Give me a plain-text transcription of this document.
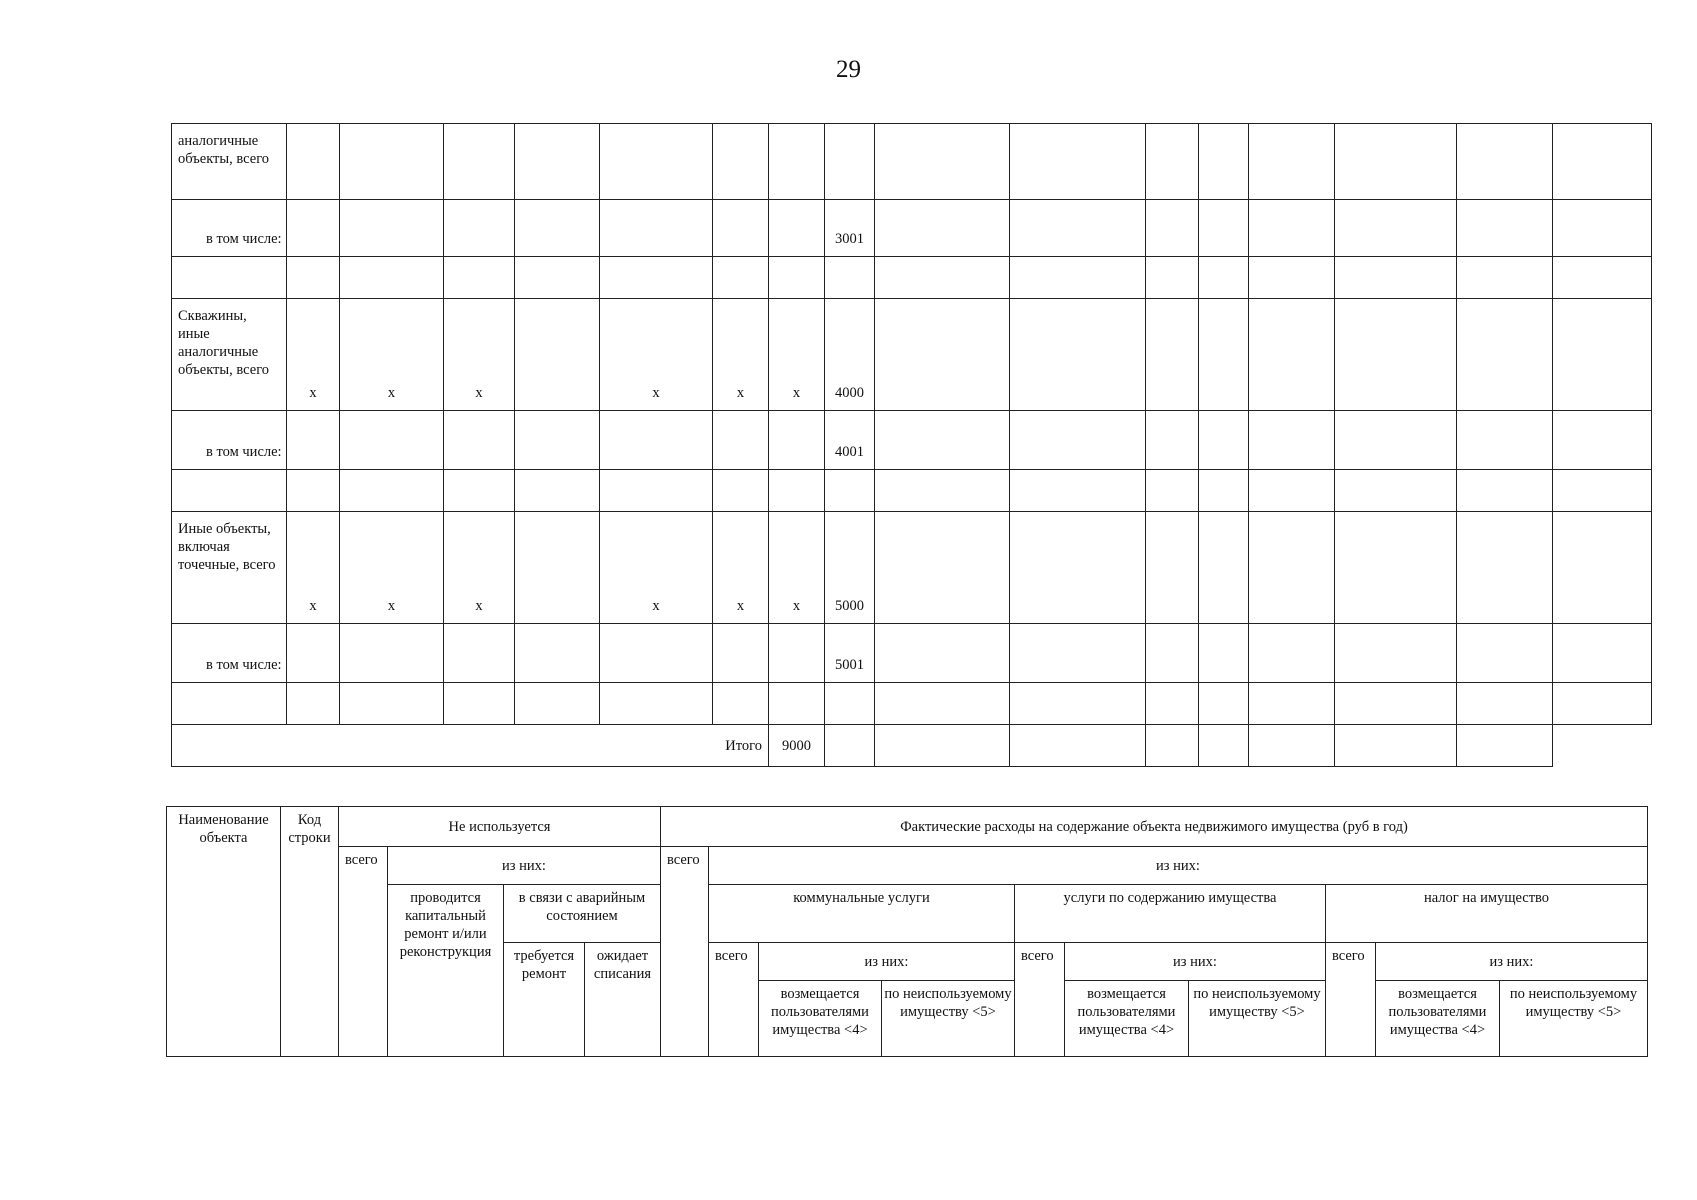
29
аналогичные объекты, всего																
в том числе:								3001								

Скважины, иные аналогичные объекты, всего	х	х	х		х	х	х	4000								
в том числе:								4001								

Иные объекты, включая точечные, всего	х	х	х		х	х	х	5000								
в том числе:								5001								

Итого							9000									
Наименование объекта	Код строки	Не используется				Фактические расходы на содержание объекта недвижимого имущества (руб в год)									
		всего	из них:			всего	из них:								
			проводится капитальный ремонт и/или реконструкция	в связи с аварийным состоянием			коммунальные услуги			услуги по содержанию имущества			налог на имущество		
				требуется ремонт	ожидает списания		всего	из них:		всего	из них:		всего	из них:	
								возмещается пользователями имущества <4>	по неиспользуемому имуществу <5>		возмещается пользователями имущества <4>	по неиспользуемому имуществу <5>		возмещается пользователями имущества <4>	по неиспользуемому имуществу <5>
